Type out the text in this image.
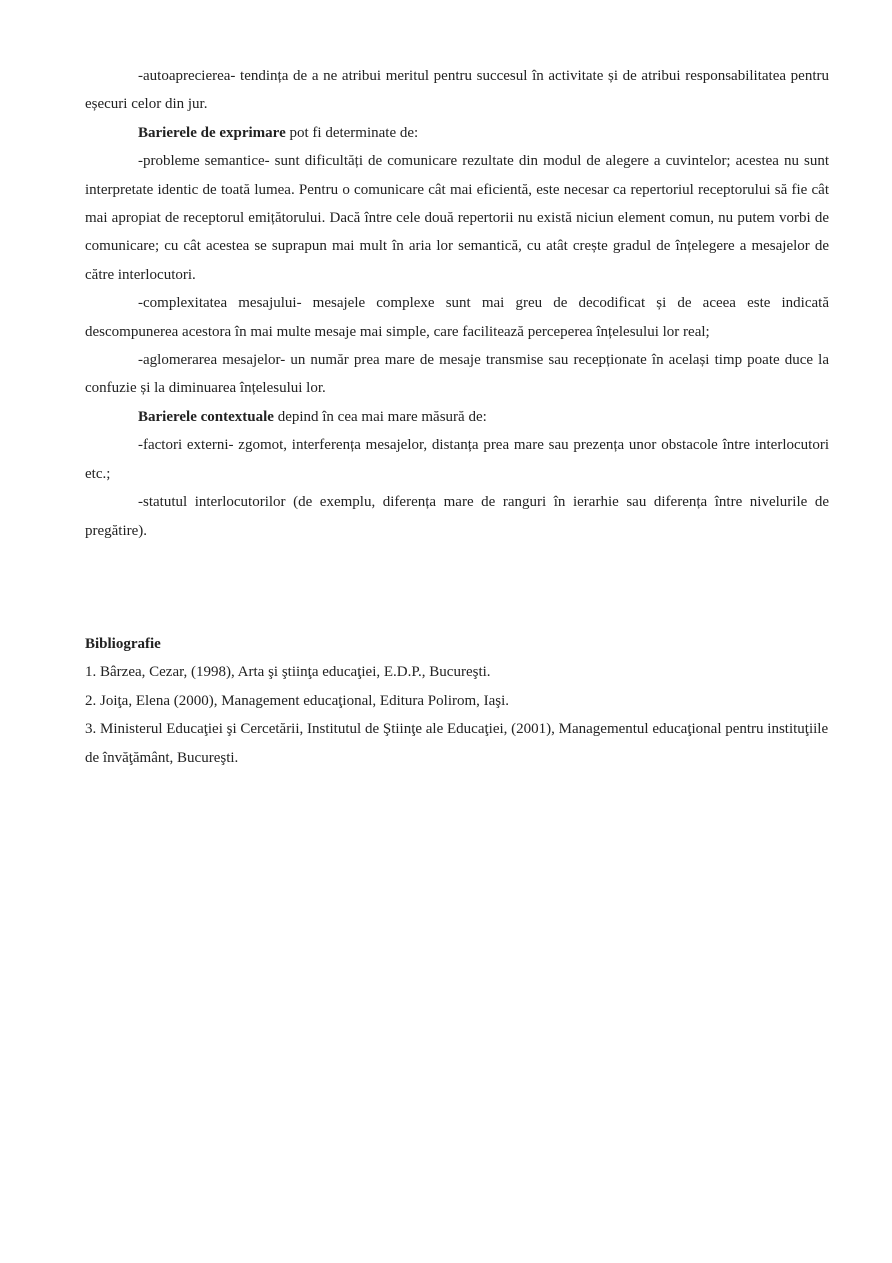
-autoaprecierea- tendința de a ne atribui meritul pentru succesul în activitate și de atribui responsabilitatea pentru eșecuri celor din jur.

Barierele de exprimare pot fi determinate de:

-probleme semantice- sunt dificultăți de comunicare rezultate din modul de alegere a cuvintelor; acestea nu sunt interpretate identic de toată lumea. Pentru o comunicare cât mai eficientă, este necesar ca repertoriul receptorului să fie cât mai apropiat de receptorul emițătorului. Dacă între cele două repertorii nu există niciun element comun, nu putem vorbi de comunicare; cu cât acestea se suprapun mai mult în aria lor semantică, cu atât crește gradul de înțelegere a mesajelor de către interlocutori.

-complexitatea mesajului- mesajele complexe sunt mai greu de decodificat și de aceea este indicată descompunerea acestora în mai multe mesaje mai simple, care facilitează perceperea înțelesului lor real;

-aglomerarea mesajelor- un număr prea mare de mesaje transmise sau recepționate în același timp poate duce la confuzie și la diminuarea înțelesului lor.

Barierele contextuale depind în cea mai mare măsură de:

-factori externi- zgomot, interferența mesajelor, distanța prea mare sau prezența unor obstacole între interlocutori etc.;

-statutul interlocutorilor (de exemplu, diferența mare de ranguri în ierarhie sau diferența între nivelurile de pregătire).

Bibliografie

1. Bârzea, Cezar, (1998), Arta şi ştiinţa educaţiei, E.D.P., Bucureşti.

2. Joiţa, Elena (2000), Management educaţional, Editura Polirom, Iaşi.

3. Ministerul Educaţiei şi Cercetării, Institutul de Ştiinţe ale Educaţiei, (2001), Managementul educaţional pentru instituţiile de învăţământ, Bucureşti.
